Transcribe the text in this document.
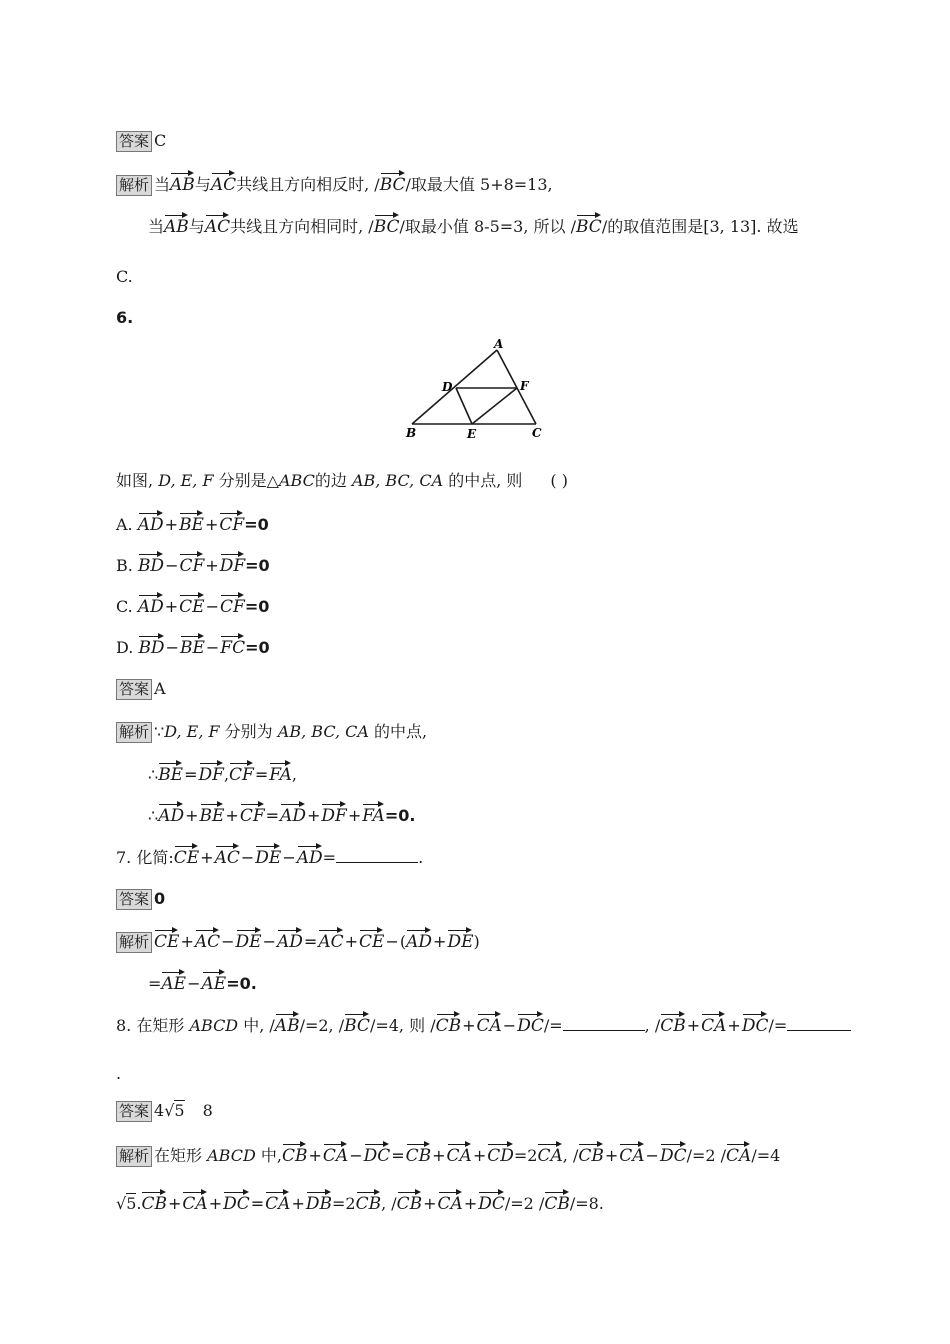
答案 C
解析 当AB与AC共线且方向相反时, /BC/取最大值 5+8=13,
当AB与AC共线且方向相同时, /BC/取最小值 8-5=3, 所以 /BC/的取值范围是[3, 13]. 故选
C.
6.
A
B	C
D
E
F
如图, D, E, F 分别是△ABC的边 AB, BC, CA 的中点, 则 ( )
A. AD+BE+CF=0
B. BD−CF+DF=0
C. AD+CE−CF=0
D. BD−BE−FC=0
答案 A
解析 ∵D, E, F 分别为 AB, BC, CA 的中点,
∴BE=DF,CF=FA,
∴AD+BE+CF=AD+DF+FA=0.
7. 化简:CE+AC−DE−AD=	.
答案 0
解析 CE+AC−DE−AD=AC+CE−(AD+DE)
=AE−AE=0.
8. 在矩形 ABCD 中, /AB/=2, /BC/=4, 则 /CB+CA−DC/=	, /CB+CA+DC/=
.
答案 4√5 8
解析 在矩形 ABCD 中,CB+CA−DC=CB+CA+CD=2CA, /CB+CA−DC/=2 /CA/=4
√5.CB+CA+DC=CA+DB=2CB, /CB+CA+DC/=2 /CB/=8.
